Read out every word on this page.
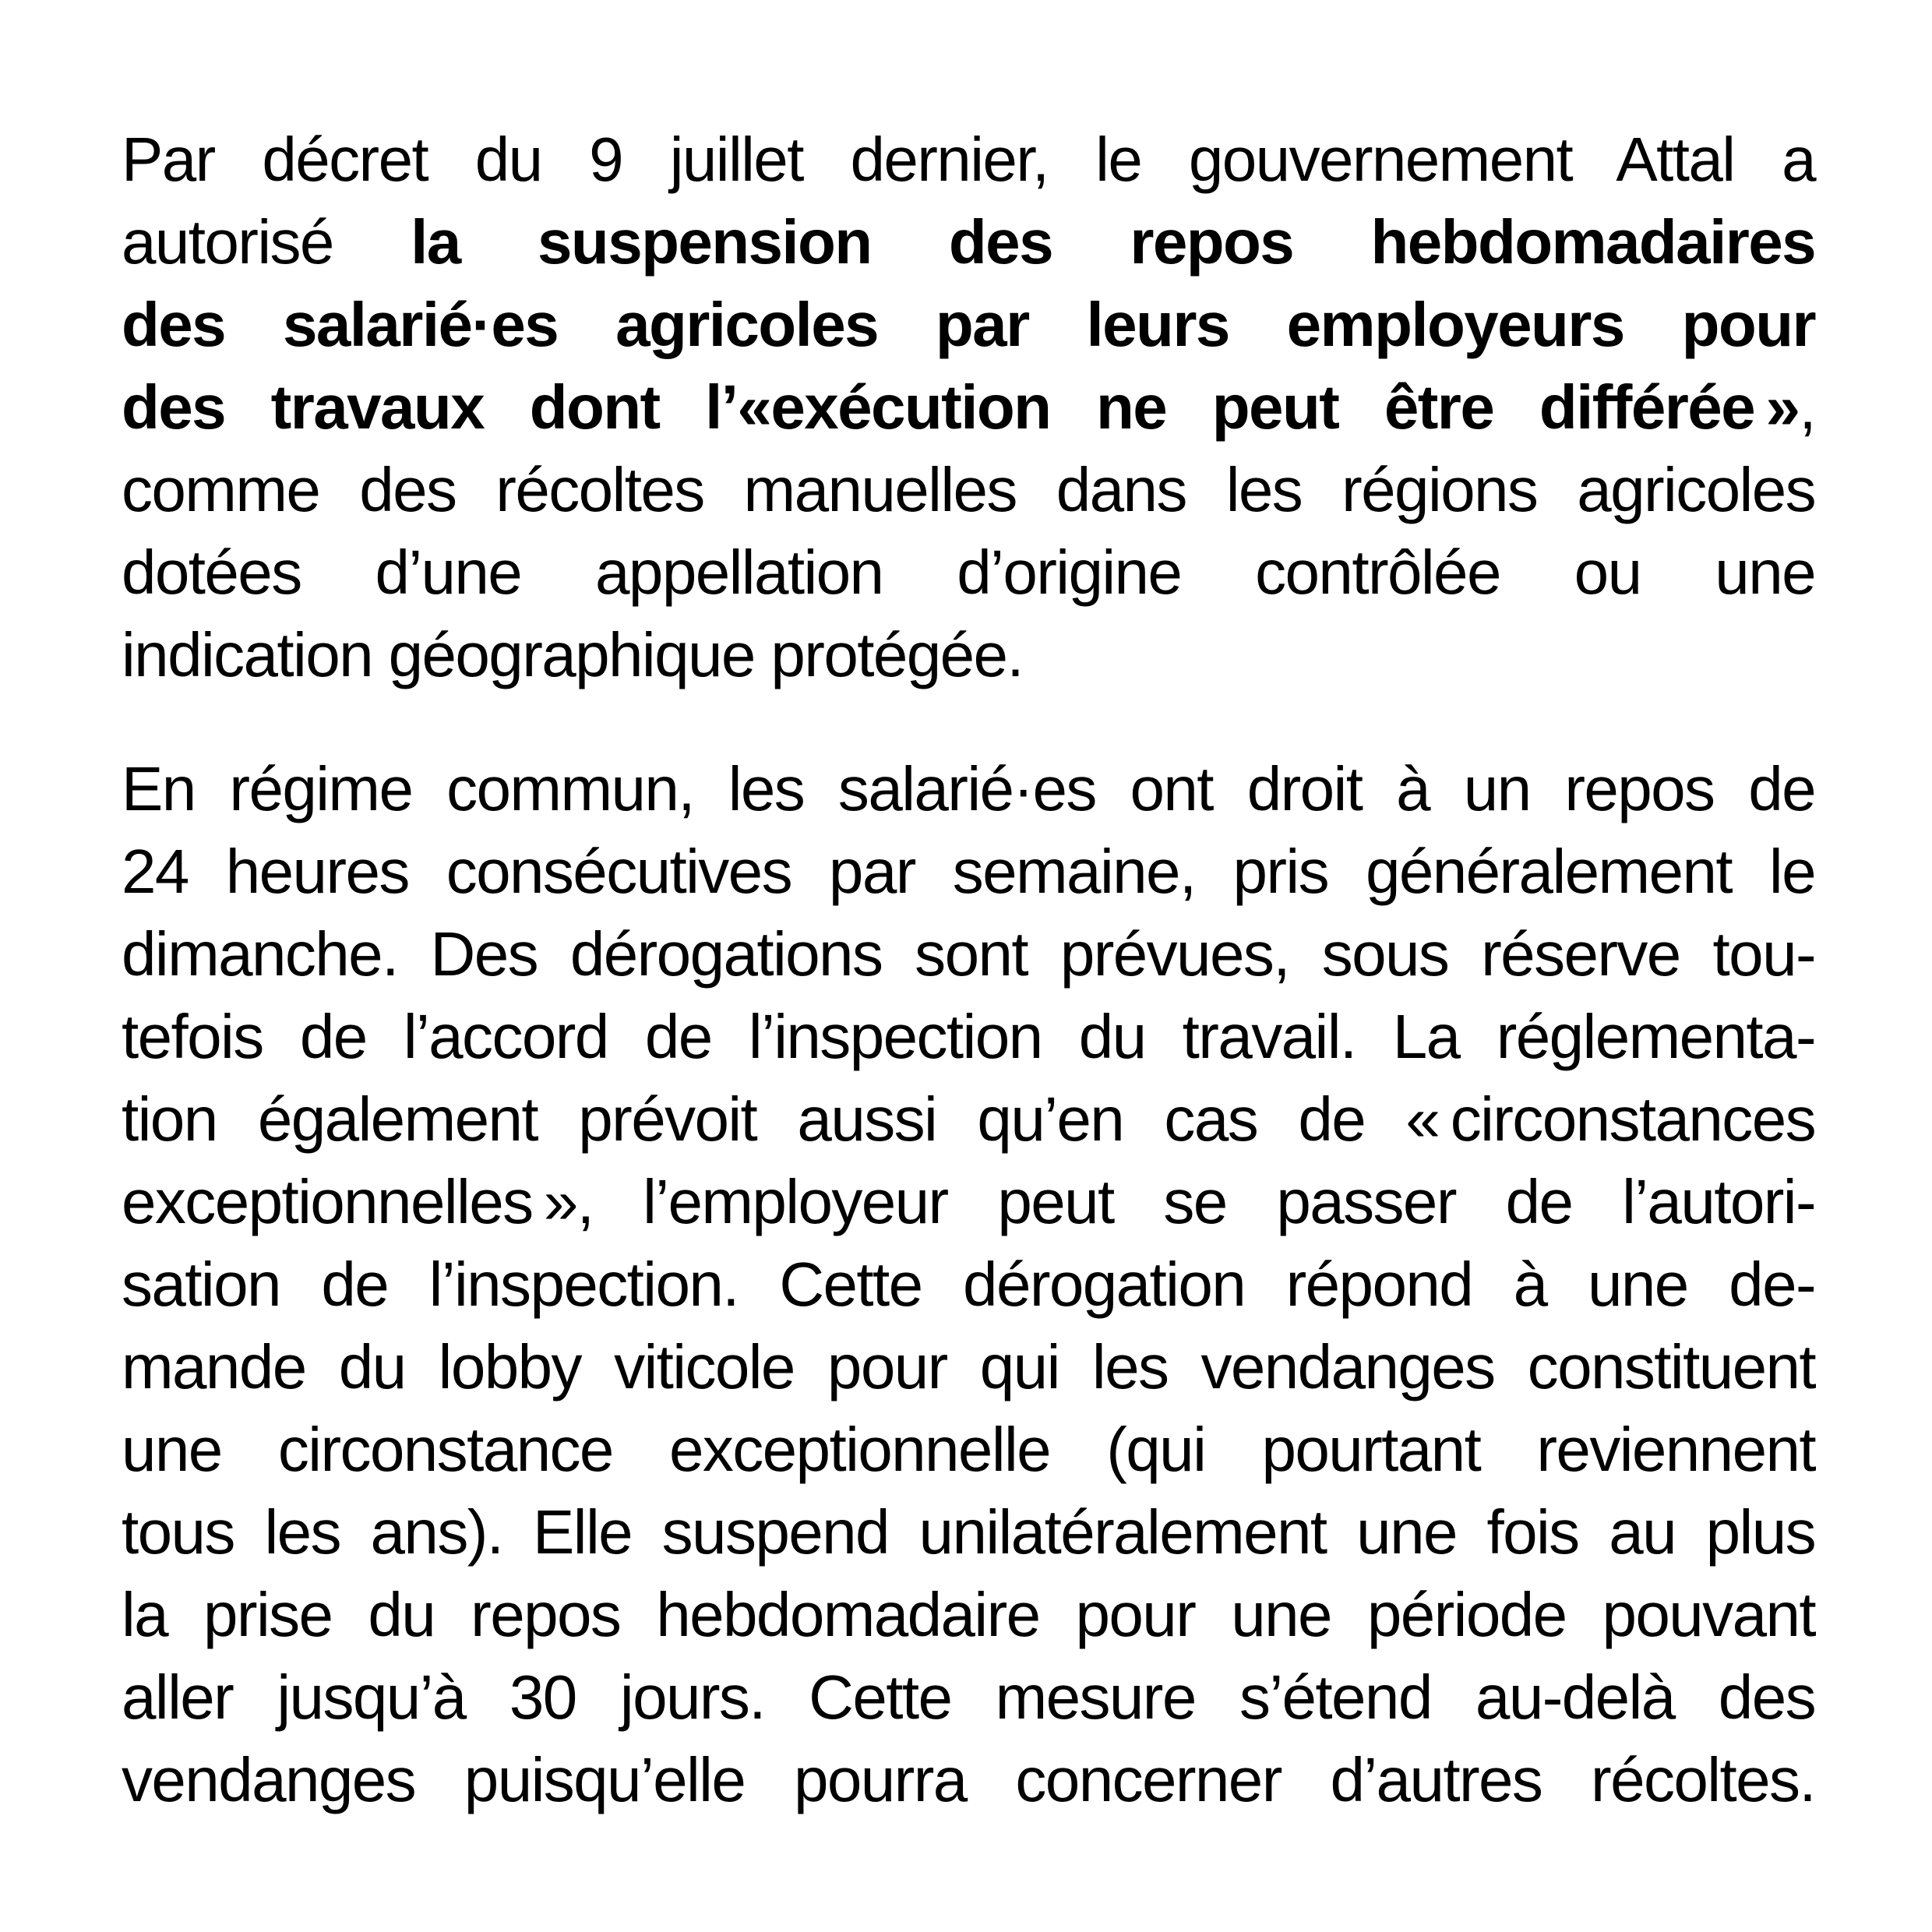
Par décret du 9 juillet dernier, le gouvernement Attal a
autorisé la suspension des repos hebdomadaires
des salarié·es agricoles par leurs employeurs pour
des travaux dont l’«exécution ne peut être différée »,
comme des récoltes manuelles dans les régions agricoles
dotées d’une appellation d’origine contrôlée ou une
indication géographique protégée.
En régime commun, les salarié·es ont droit à un repos de
24 heures consécutives par semaine, pris généralement le
dimanche. Des dérogations sont prévues, sous réserve tou-
tefois de l’accord de l’inspection du travail. La réglementa-
tion également prévoit aussi qu’en cas de « circonstances
exceptionnelles », l’employeur peut se passer de l’autori-
sation de l’inspection. Cette dérogation répond à une de-
mande du lobby viticole pour qui les vendanges constituent
une circonstance exceptionnelle (qui pourtant reviennent
tous les ans). Elle suspend unilatéralement une fois au plus
la prise du repos hebdomadaire pour une période pouvant
aller jusqu’à 30 jours. Cette mesure s’étend au-delà des
vendanges puisqu’elle pourra concerner d’autres récoltes.
